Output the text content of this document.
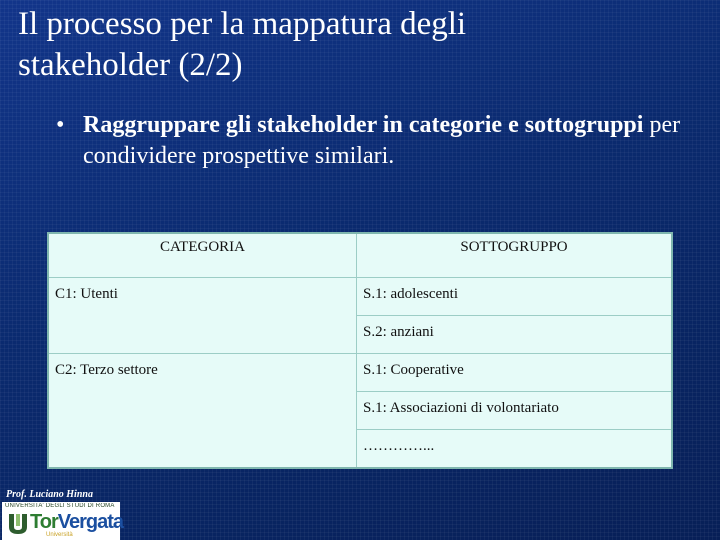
Il processo per la mappatura degli
stakeholder (2/2)
• Raggruppare gli stakeholder in categorie e sottogruppi per condividere prospettive similari.
CATEGORIA	SOTTOGRUPPO
C1: Utenti	S.1: adolescenti
	S.2: anziani
C2: Terzo settore	S.1: Cooperative
	S.1: Associazioni di volontariato
	…………...
Prof. Luciano Hinna
UNIVERSITA' DEGLI STUDI DI ROMA
TorVergata
Università
